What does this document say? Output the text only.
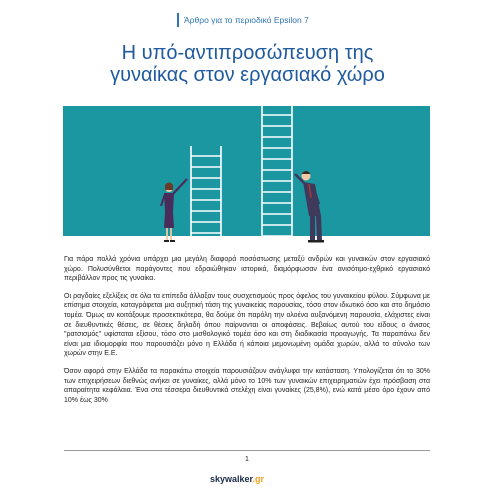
Άρθρο για το περιοδικό Epsilon 7
Η υπό-αντιπροσώπευση της
γυναίκας στον εργασιακό χώρο

Για πάρα πολλά χρόνια υπάρχει μια μεγάλη διαφορά ποσόστωσης μεταξύ ανδρών και γυναικών στον εργασιακό χώρο. Πολυσύνθετοι παράγοντες που εδραιώθηκαν ιστορικά, διαμόρφωσαν ένα ανισότιμο-εχθρικό εργασιακό περιβάλλον προς τις γυναίκα.

Οι ραγδαίες εξελίξεις σε όλα τα επίπεδα άλλαξαν τους συσχετισμούς προς όφελος του γυναικείου φύλου. Σύμφωνα με επίσημα στοιχεία, καταγράφεται μια αυξητική τάση της γυναικείας παρουσίας, τόσο στον ιδιωτικό όσο και στο δημόσιο τομέα. Όμως αν κοιτάξουμε προσεκτικότερα, θα δούμε ότι παρόλη την ολοένα αυξανόμενη παρουσία, ελάχιστες είναι σε διευθυντικές θέσεις, σε θέσεις δηλαδή όπου παίρνονται οι αποφάσεις. Βεβαίως αυτού του είδους ο άνισος "ρατσισμός" υφίσταται εξίσου, τόσο στο μισθολογικό τομέα όσο και στη διαδικασία προαγωγής. Τα παραπάνω δεν είναι μια ιδιομορφία που παρουσιάζει μόνο η Ελλάδα ή κάποια μεμονωμένη ομάδα χωρών, αλλά το σύνολο των χωρών στην Ε.Ε.

Όσον αφορά στην Ελλάδα τα παρακάτω στοιχεία παρουσιάζουν ανάγλυφα την κατάσταση. Υπολογίζεται ότι το 30% των επιχειρήσεων διεθνώς ανήκει σε γυναίκες, αλλά μόνο το 10% των γυναικών επιχειρηματιών έχει πρόσβαση στα απαραίτητα κεφάλαια. Ένα στα τέσσερα διευθυντικά στελέχη είναι γυναίκες (25,8%), ενώ κατά μέσο όρο έχουν από 10% έως 30%

1
skywalker.gr
